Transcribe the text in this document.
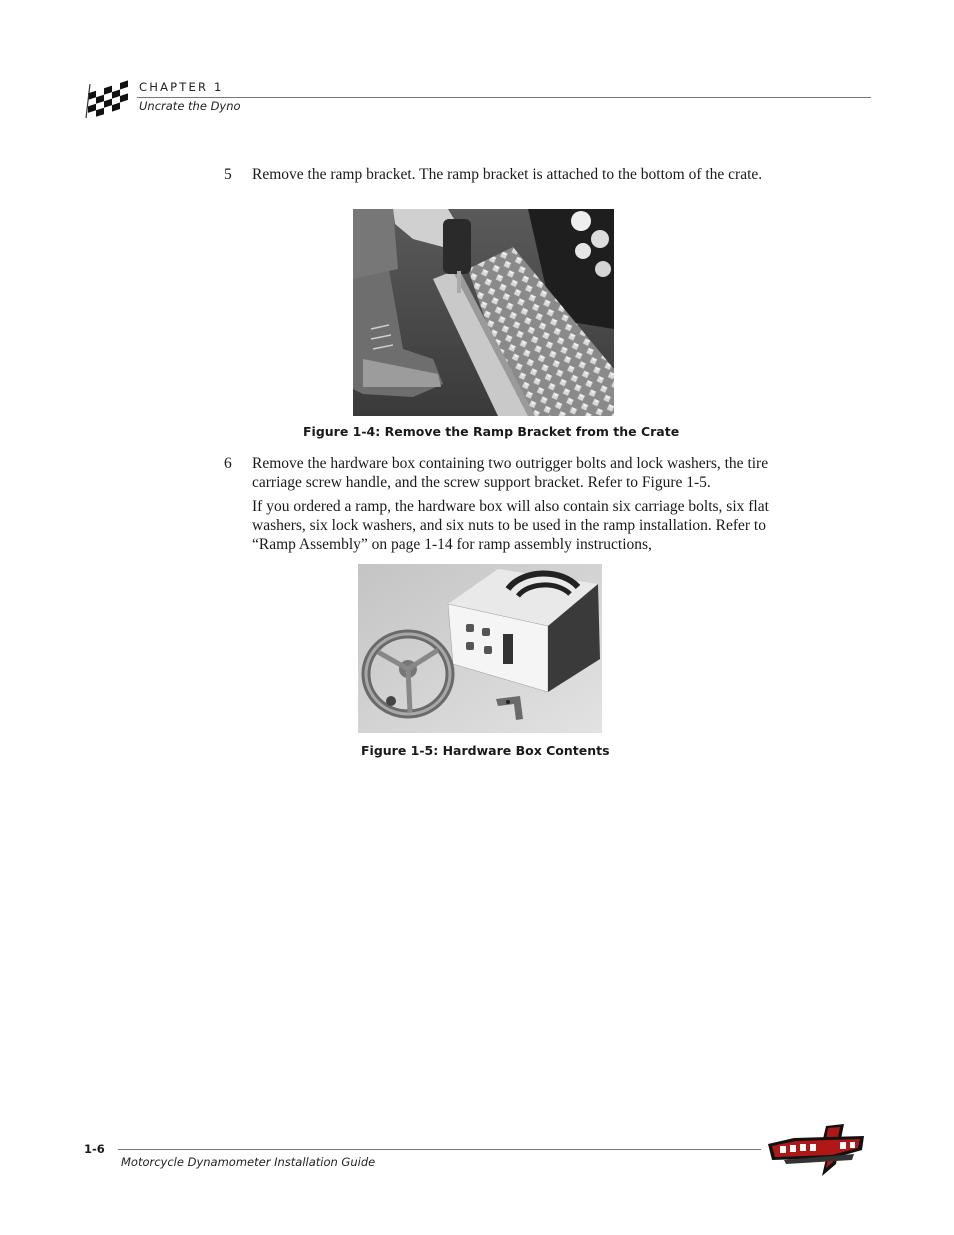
CHAPTER 1
Uncrate the Dyno
5 Remove the ramp bracket. The ramp bracket is attached to the bottom of the crate.
Figure 1-4: Remove the Ramp Bracket from the Crate
6 Remove the hardware box containing two outrigger bolts and lock washers, the tire carriage screw handle, and the screw support bracket. Refer to Figure 1-5.
If you ordered a ramp, the hardware box will also contain six carriage bolts, six flat washers, six lock washers, and six nuts to be used in the ramp installation. Refer to “Ramp Assembly” on page 1-14 for ramp assembly instructions,
Figure 1-5: Hardware Box Contents
1-6
Motorcycle Dynamometer Installation Guide
